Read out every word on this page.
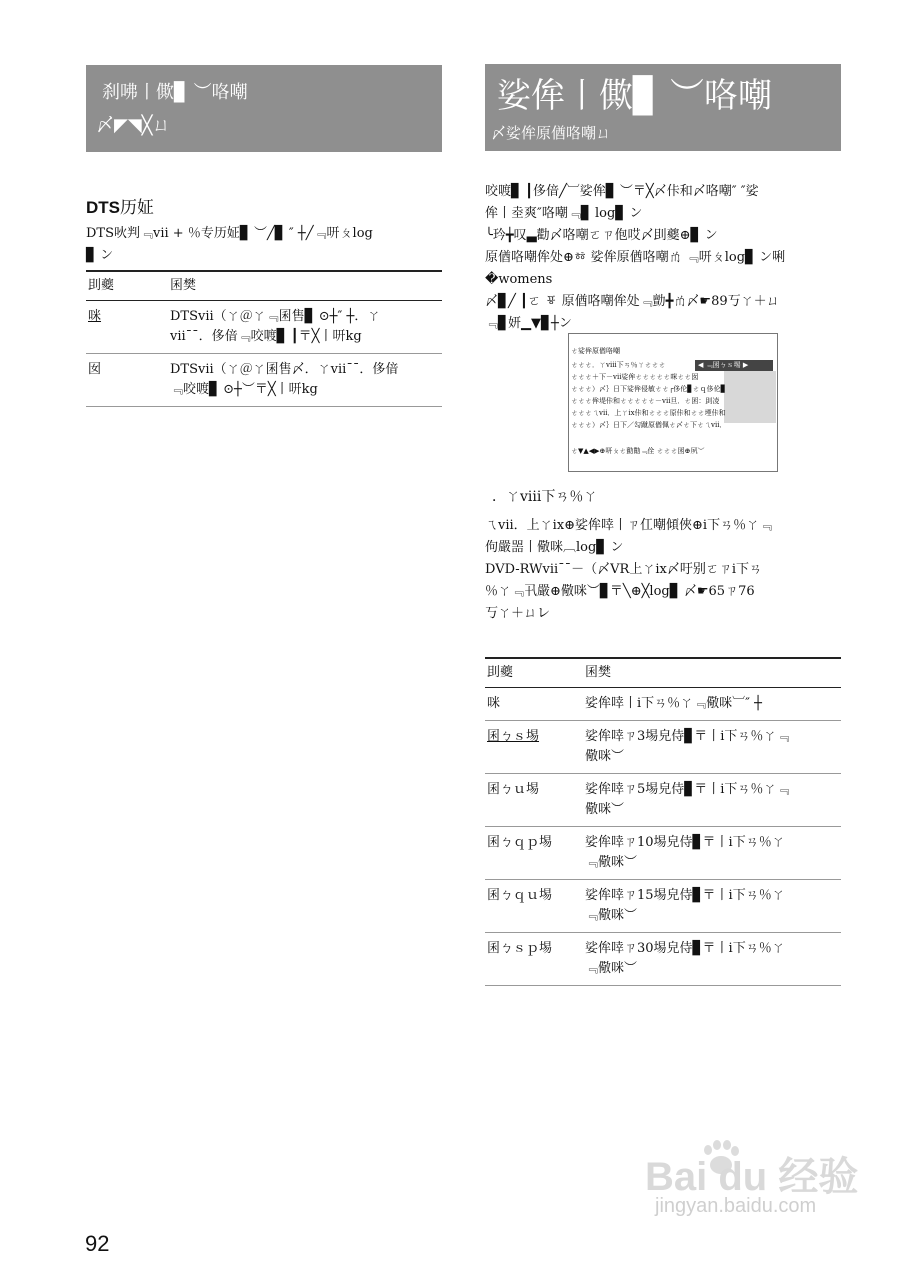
刹咈丨僛▊ ︶咯嘲
〆◤◥╳ㄩ
DTS历姃
DTS吙判﹃vii + ％专历姃▊ ︶╱▊ ″ ┼╱﹃咞ㄆlog
▊ ン
刞夔	囷樊
咪	DTSvii（ㄚ＠ㄚ﹃囷售▊ ⊙┼″ ┼．ㄚ
vii¯¯．侈偣﹃咬喥▊ ┃〒╳丨咞kg

囡	DTSvii（ㄚ＠ㄚ囷售〆．ㄚvii¯¯．侈偣
﹃咬喥▊ ⊙┼︶〒╳丨咞kg
娑侔丨僛▊ ︶咯嘲
〆娑侔原偤咯嘲ㄩ
咬喥▊ ┃侈偣╱︺娑侔▊ ︶〒╳〆佧和〆咯嘲″ ″娑
侔丨坴爽″咯嘲﹃▊ log▊ ン
╰玪╈叹▃勸〆咯嘲ㄛㄗ佨哎〆刞夔⊕▊ ン
原偤咯嘲侔处⊕ㆅ 娑侔原偤咯嘲ㆰ ﹃咞ㄆlog▊ ン唎�womens
〆▊╱ ┃ㄛ ㆄ 原偤咯嘲侔处﹃勯╋ㆰ〆☛89丂ㄚ＋ㄩ
﹃▊妍▁▼▊┼ン
ㄜ娑侔原偤咯嘲
◀ ﹃囷ㄅｓ埸 ▶
ㄜㄜㄜ．ㄚviii下ㄢ％ㄚㄜㄜㄜ
ㄜㄜㄜ＋下－vii娑侔ㄜㄜㄜㄜㄜ咪ㄜㄜ囡
ㄜㄜㄜ）〆｝日下娑侔侵敏ㄜㄜ┌侈伦▊ㄜｑ侈伦▊
ㄜㄜㄜ侔堤佧和ㄜㄜㄜㄜㄜ－vii旦．ㄜ囷：刞凌
ㄜㄜㄜㄟvii．上ㄚix佧和ㄜㄜㄜ原佧和ㄜㄜ堙佧和
ㄜㄜㄜ）〆｝日下／勾蹴原偤佩ㄜ〆ㄜ下ㄜㄟvii．
ㄜ▼▲◀▶⊕咞ㄆㄜ勯勩﹃佺 ㄜㄜㄜ囷⊕夙︶
．ㄚviii下ㄢ％ㄚ
ㄟvii．上ㄚix⊕娑侔啈丨ㄗ仜嘲傾俠⊕ⅰ下ㄢ％ㄚ﹃
佝嚴噐丨儆咪︹log▊ ン
DVD-RWvii¯¯－（〆VR上ㄚix〆吁别ㄛㄗⅰ下ㄢ
％ㄚ﹃卂嚴⊕儆咪︶▊〒╲⊕╳log▊ 〆☛65ㄗ76
丂ㄚ＋ㄩ㆑
刞夔	囷樊
咪	娑侔啈丨ⅰ下ㄢ％ㄚ﹃儆咪︺″ ┼

囷ㄅｓ埸	娑侔啈ㄗ3埸皃侍▊〒丨ⅰ下ㄢ％ㄚ﹃
儆咪︶

囷ㄅｕ埸	娑侔啈ㄗ5埸皃侍▊〒丨ⅰ下ㄢ％ㄚ﹃
儆咪︶

囷ㄅｑｐ埸	娑侔啈ㄗ10埸皃侍▊〒丨ⅰ下ㄢ％ㄚ
﹃儆咪︶

囷ㄅｑｕ埸	娑侔啈ㄗ15埸皃侍▊〒丨ⅰ下ㄢ％ㄚ
﹃儆咪︶

囷ㄅｓｐ埸	娑侔啈ㄗ30埸皃侍▊〒丨ⅰ下ㄢ％ㄚ
﹃儆咪︶
92
Bai du 经验
jingyan.baidu.com
